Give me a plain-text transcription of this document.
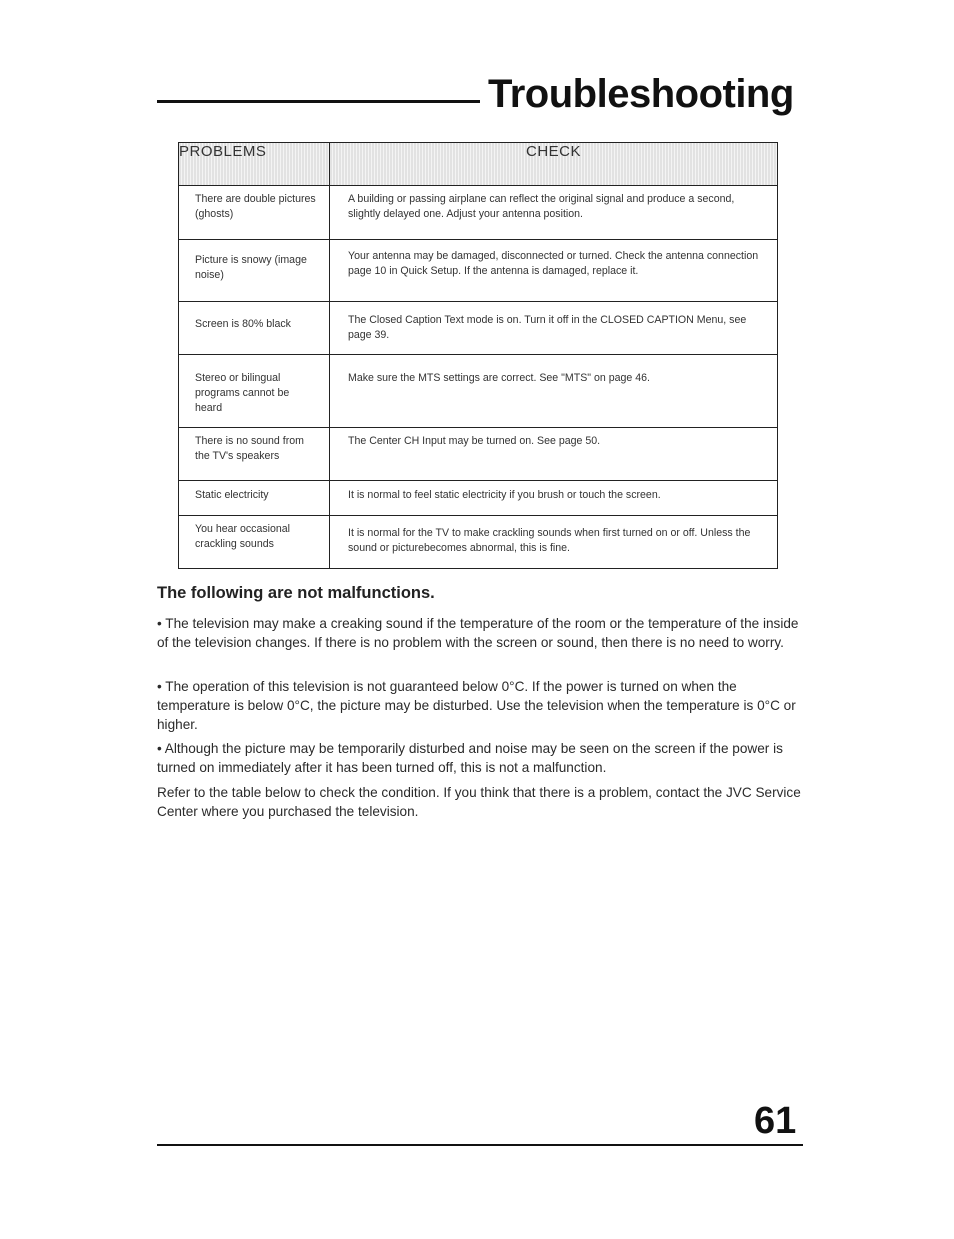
Troubleshooting
PROBLEMS	CHECK
There are double pictures (ghosts)	A building or passing airplane can reflect the original signal and produce a second, slightly delayed one. Adjust your antenna position.
Picture is snowy (image noise)	Your antenna may be damaged, disconnected or turned. Check the antenna connection page 10 in Quick Setup. If the antenna is damaged, replace it.
Screen is 80% black	The Closed Caption Text mode is on. Turn it off in the CLOSED CAPTION Menu, see page 39.
Stereo or bilingual programs cannot be heard	Make sure the MTS settings are correct. See "MTS" on page 46.
There is no sound from the TV's speakers	The Center CH Input may be turned on. See page 50.
Static electricity	It is normal to feel static electricity if you brush or touch the screen.
You hear occasional crackling sounds	It is normal for the TV to make crackling sounds when first turned on or off. Unless the sound or picturebecomes abnormal, this is fine.
The following are not malfunctions.
• The television may make a creaking sound if the temperature of the room or the temperature of the inside of the television changes. If there is no problem with the screen or sound, then there is no need to worry.
• The operation of this television is not guaranteed below 0°C. If the power is turned on when the temperature is below 0°C, the picture may be disturbed. Use the television when the temperature is 0°C or higher.
• Although the picture may be temporarily disturbed and noise may be seen on the screen if the power is turned on immediately after it has been turned off, this is not a malfunction.
Refer to the table below to check the condition. If you think that there is a problem, contact the JVC Service Center where you purchased the television.
61
